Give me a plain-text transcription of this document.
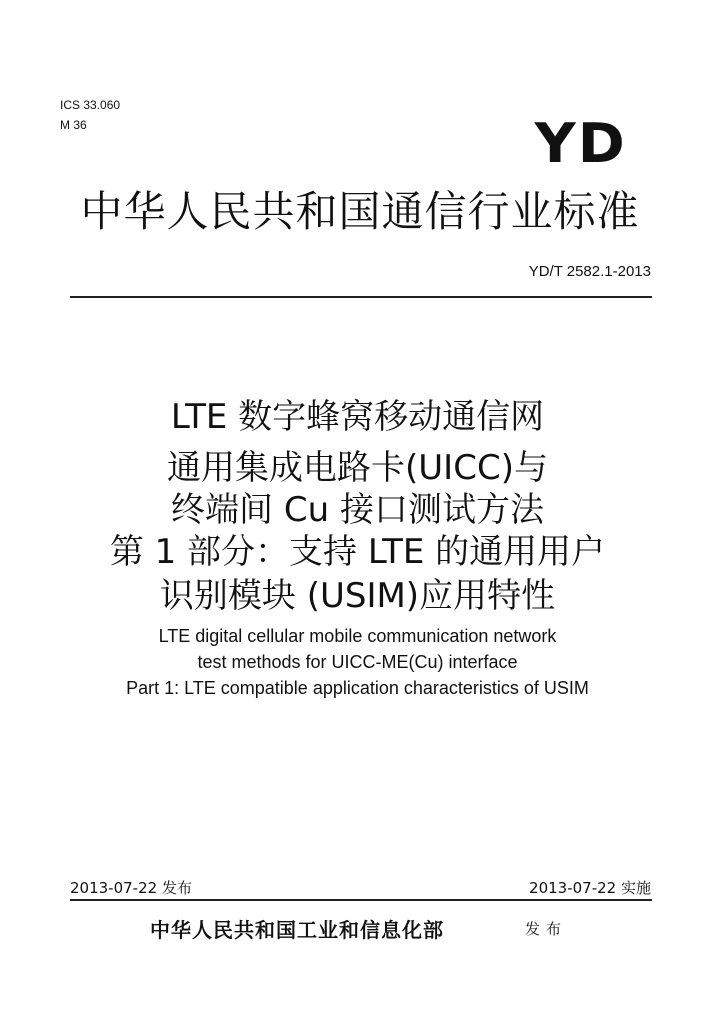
ICS 33.060
M 36	YD
中华人民共和国通信行业标准
YD/T 2582.1-2013
LTE 数字蜂窝移动通信网
通用集成电路卡(UICC)与
终端间 Cu 接口测试方法
第 1 部分：支持 LTE 的通用用户
识别模块 (USIM)应用特性
LTE digital cellular mobile communication network
test methods for UICC-ME(Cu) interface
Part 1: LTE compatible application characteristics of USIM
2013-07-22 发布	2013-07-22 实施
中华人民共和国工业和信息化部	发布
